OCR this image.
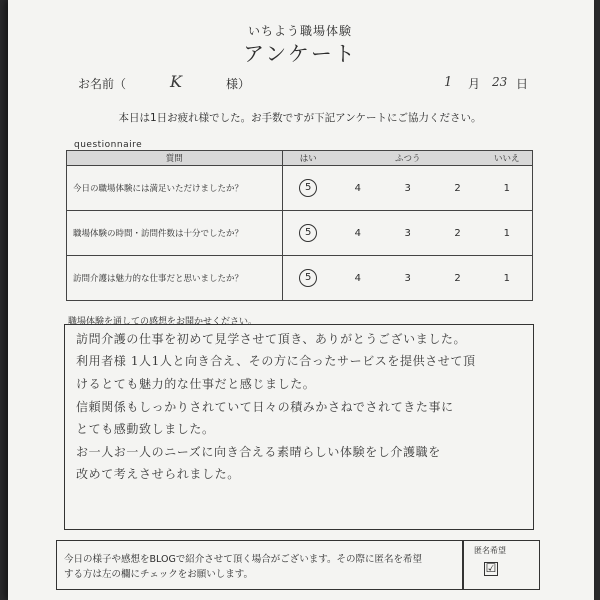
いちよう職場体験
アンケート
お名前（	K	様）	1 月 23 日
本日は1日お疲れ様でした。お手数ですが下記アンケートにご協力ください。
questionnaire
質問	はい		ふつう		いいえ
今日の職場体験には満足いただけましたか？	5	4	3	2	1
職場体験の時間・訪問件数は十分でしたか？	5	4	3	2	1
訪問介護は魅力的な仕事だと思いましたか？	5	4	3	2	1
職場体験を通しての感想をお聞かせください。
訪問介護の仕事を初めて見学させて頂き、ありがとうございました。
利用者様 1人1人と向き合え、その方に合ったサービスを提供させて頂
けるとても魅力的な仕事だと感じました。
信頼関係もしっかりされていて日々の積みかさねでされてきた事に
とても感動致しました。
お一人お一人のニーズに向き合える素晴らしい体験をし介護職を
改めて考えさせられました。
今日の様子や感想をBLOGで紹介させて頂く場合がございます。その際に匿名を希望
する方は左の欄にチェックをお願いします。
匿名希望
☑
